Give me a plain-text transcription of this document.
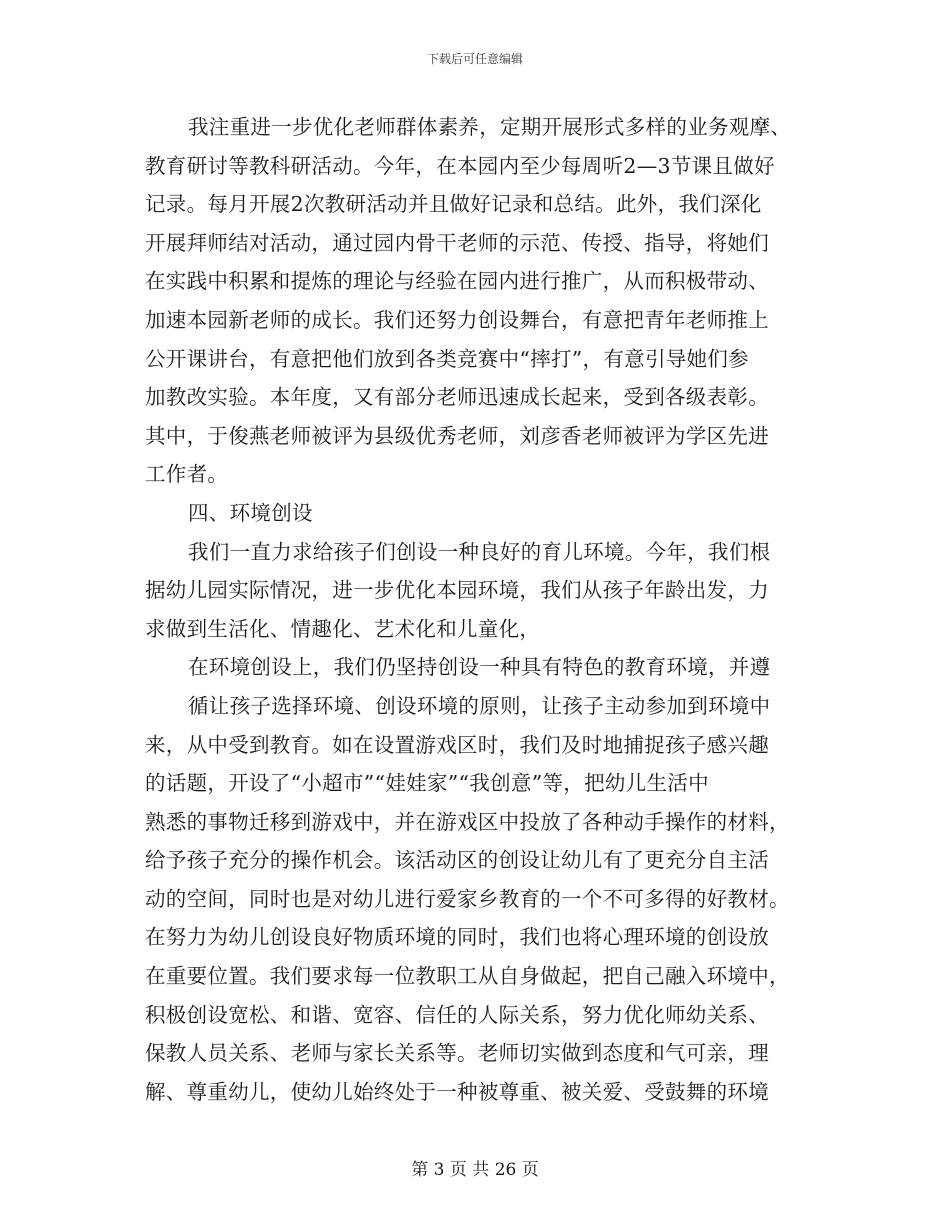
下载后可任意编辑
我注重进一步优化老师群体素养，定期开展形式多样的业务观摩、
教育研讨等教科研活动。今年，在本园内至少每周听2—3节课且做好
记录。每月开展2次教研活动并且做好记录和总结。此外，我们深化
开展拜师结对活动，通过园内骨干老师的示范、传授、指导，将她们
在实践中积累和提炼的理论与经验在园内进行推广，从而积极带动、
加速本园新老师的成长。我们还努力创设舞台，有意把青年老师推上
公开课讲台，有意把他们放到各类竞赛中“摔打”，有意引导她们参
加教改实验。本年度，又有部分老师迅速成长起来，受到各级表彰。
其中，于俊燕老师被评为县级优秀老师，刘彦香老师被评为学区先进
工作者。
四、环境创设
我们一直力求给孩子们创设一种良好的育儿环境。今年，我们根
据幼儿园实际情况，进一步优化本园环境，我们从孩子年龄出发，力
求做到生活化、情趣化、艺术化和儿童化，
在环境创设上，我们仍坚持创设一种具有特色的教育环境，并遵
循让孩子选择环境、创设环境的原则，让孩子主动参加到环境中
来，从中受到教育。如在设置游戏区时，我们及时地捕捉孩子感兴趣
的话题，开设了“小超市”“娃娃家”“我创意”等，把幼儿生活中
熟悉的事物迁移到游戏中，并在游戏区中投放了各种动手操作的材料，
给予孩子充分的操作机会。该活动区的创设让幼儿有了更充分自主活
动的空间，同时也是对幼儿进行爱家乡教育的一个不可多得的好教材。
在努力为幼儿创设良好物质环境的同时，我们也将心理环境的创设放
在重要位置。我们要求每一位教职工从自身做起，把自己融入环境中，
积极创设宽松、和谐、宽容、信任的人际关系，努力优化师幼关系、
保教人员关系、老师与家长关系等。老师切实做到态度和气可亲，理
解、尊重幼儿，使幼儿始终处于一种被尊重、被关爱、受鼓舞的环境
第 3 页 共 26 页
